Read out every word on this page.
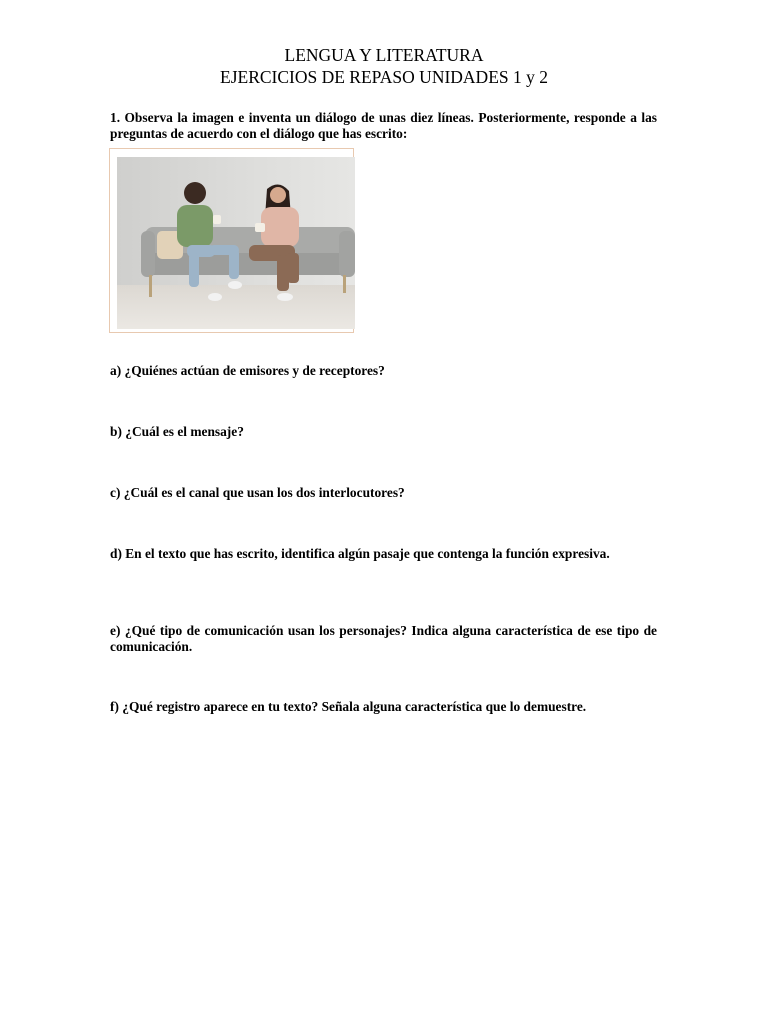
LENGUA Y LITERATURA
EJERCICIOS DE REPASO UNIDADES 1 y 2
1. Observa la imagen e inventa un diálogo de unas diez líneas. Posteriormente, responde a las preguntas de acuerdo con el diálogo que has escrito:
a) ¿Quiénes actúan de emisores y de receptores?
b) ¿Cuál es el mensaje?
c) ¿Cuál es el canal que usan los dos interlocutores?
d) En el texto que has escrito, identifica algún pasaje que contenga la función expresiva.
e) ¿Qué tipo de comunicación usan los personajes? Indica alguna característica de ese tipo de comunicación.
f) ¿Qué registro aparece en tu texto? Señala alguna característica que lo demuestre.
